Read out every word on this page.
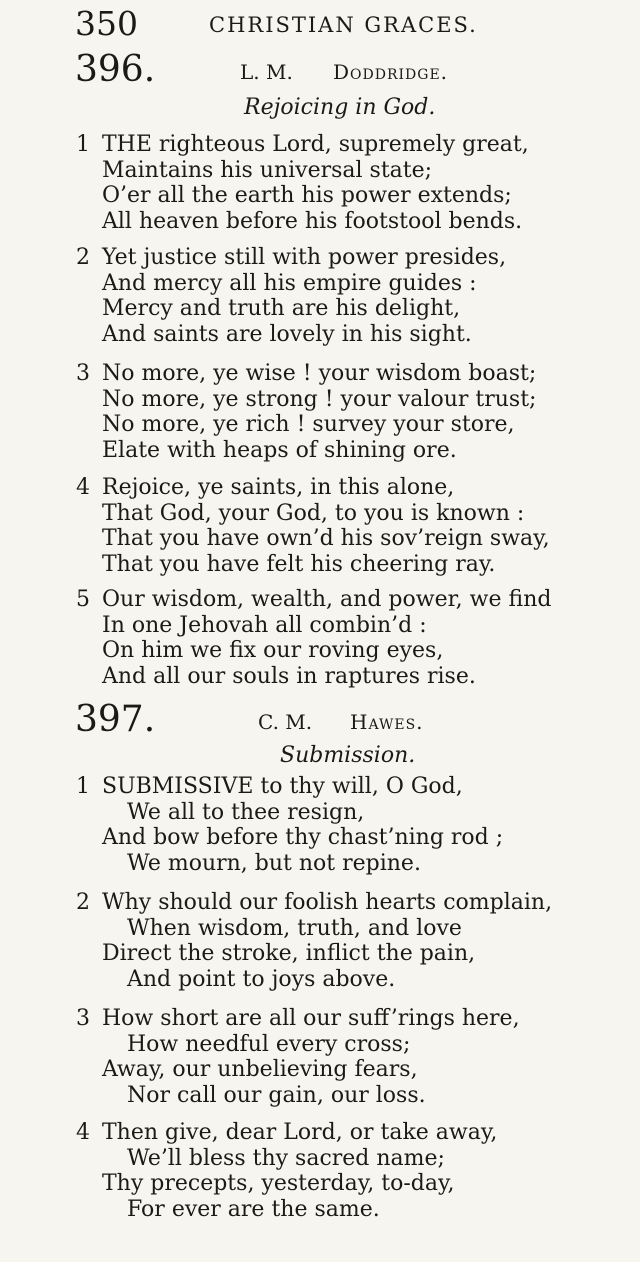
350	CHRISTIAN GRACES.
396.	L. M. Doddridge.
Rejoicing in God.
1 THE righteous Lord, supremely great,
Maintains his universal state;
O’er all the earth his power extends;
All heaven before his footstool bends.
2 Yet justice still with power presides,
And mercy all his empire guides :
Mercy and truth are his delight,
And saints are lovely in his sight.
3 No more, ye wise ! your wisdom boast;
No more, ye strong ! your valour trust;
No more, ye rich ! survey your store,
Elate with heaps of shining ore.
4 Rejoice, ye saints, in this alone,
That God, your God, to you is known :
That you have own’d his sov’reign sway,
That you have felt his cheering ray.
5 Our wisdom, wealth, and power, we find
In one Jehovah all combin’d :
On him we fix our roving eyes,
And all our souls in raptures rise.
397.	C. M. Hawes.
Submission.
1 SUBMISSIVE to thy will, O God,
We all to thee resign,
And bow before thy chast’ning rod ;
We mourn, but not repine.
2 Why should our foolish hearts complain,
When wisdom, truth, and love
Direct the stroke, inflict the pain,
And point to joys above.
3 How short are all our suff’rings here,
How needful every cross;
Away, our unbelieving fears,
Nor call our gain, our loss.
4 Then give, dear Lord, or take away,
We’ll bless thy sacred name;
Thy precepts, yesterday, to-day,
For ever are the same.
